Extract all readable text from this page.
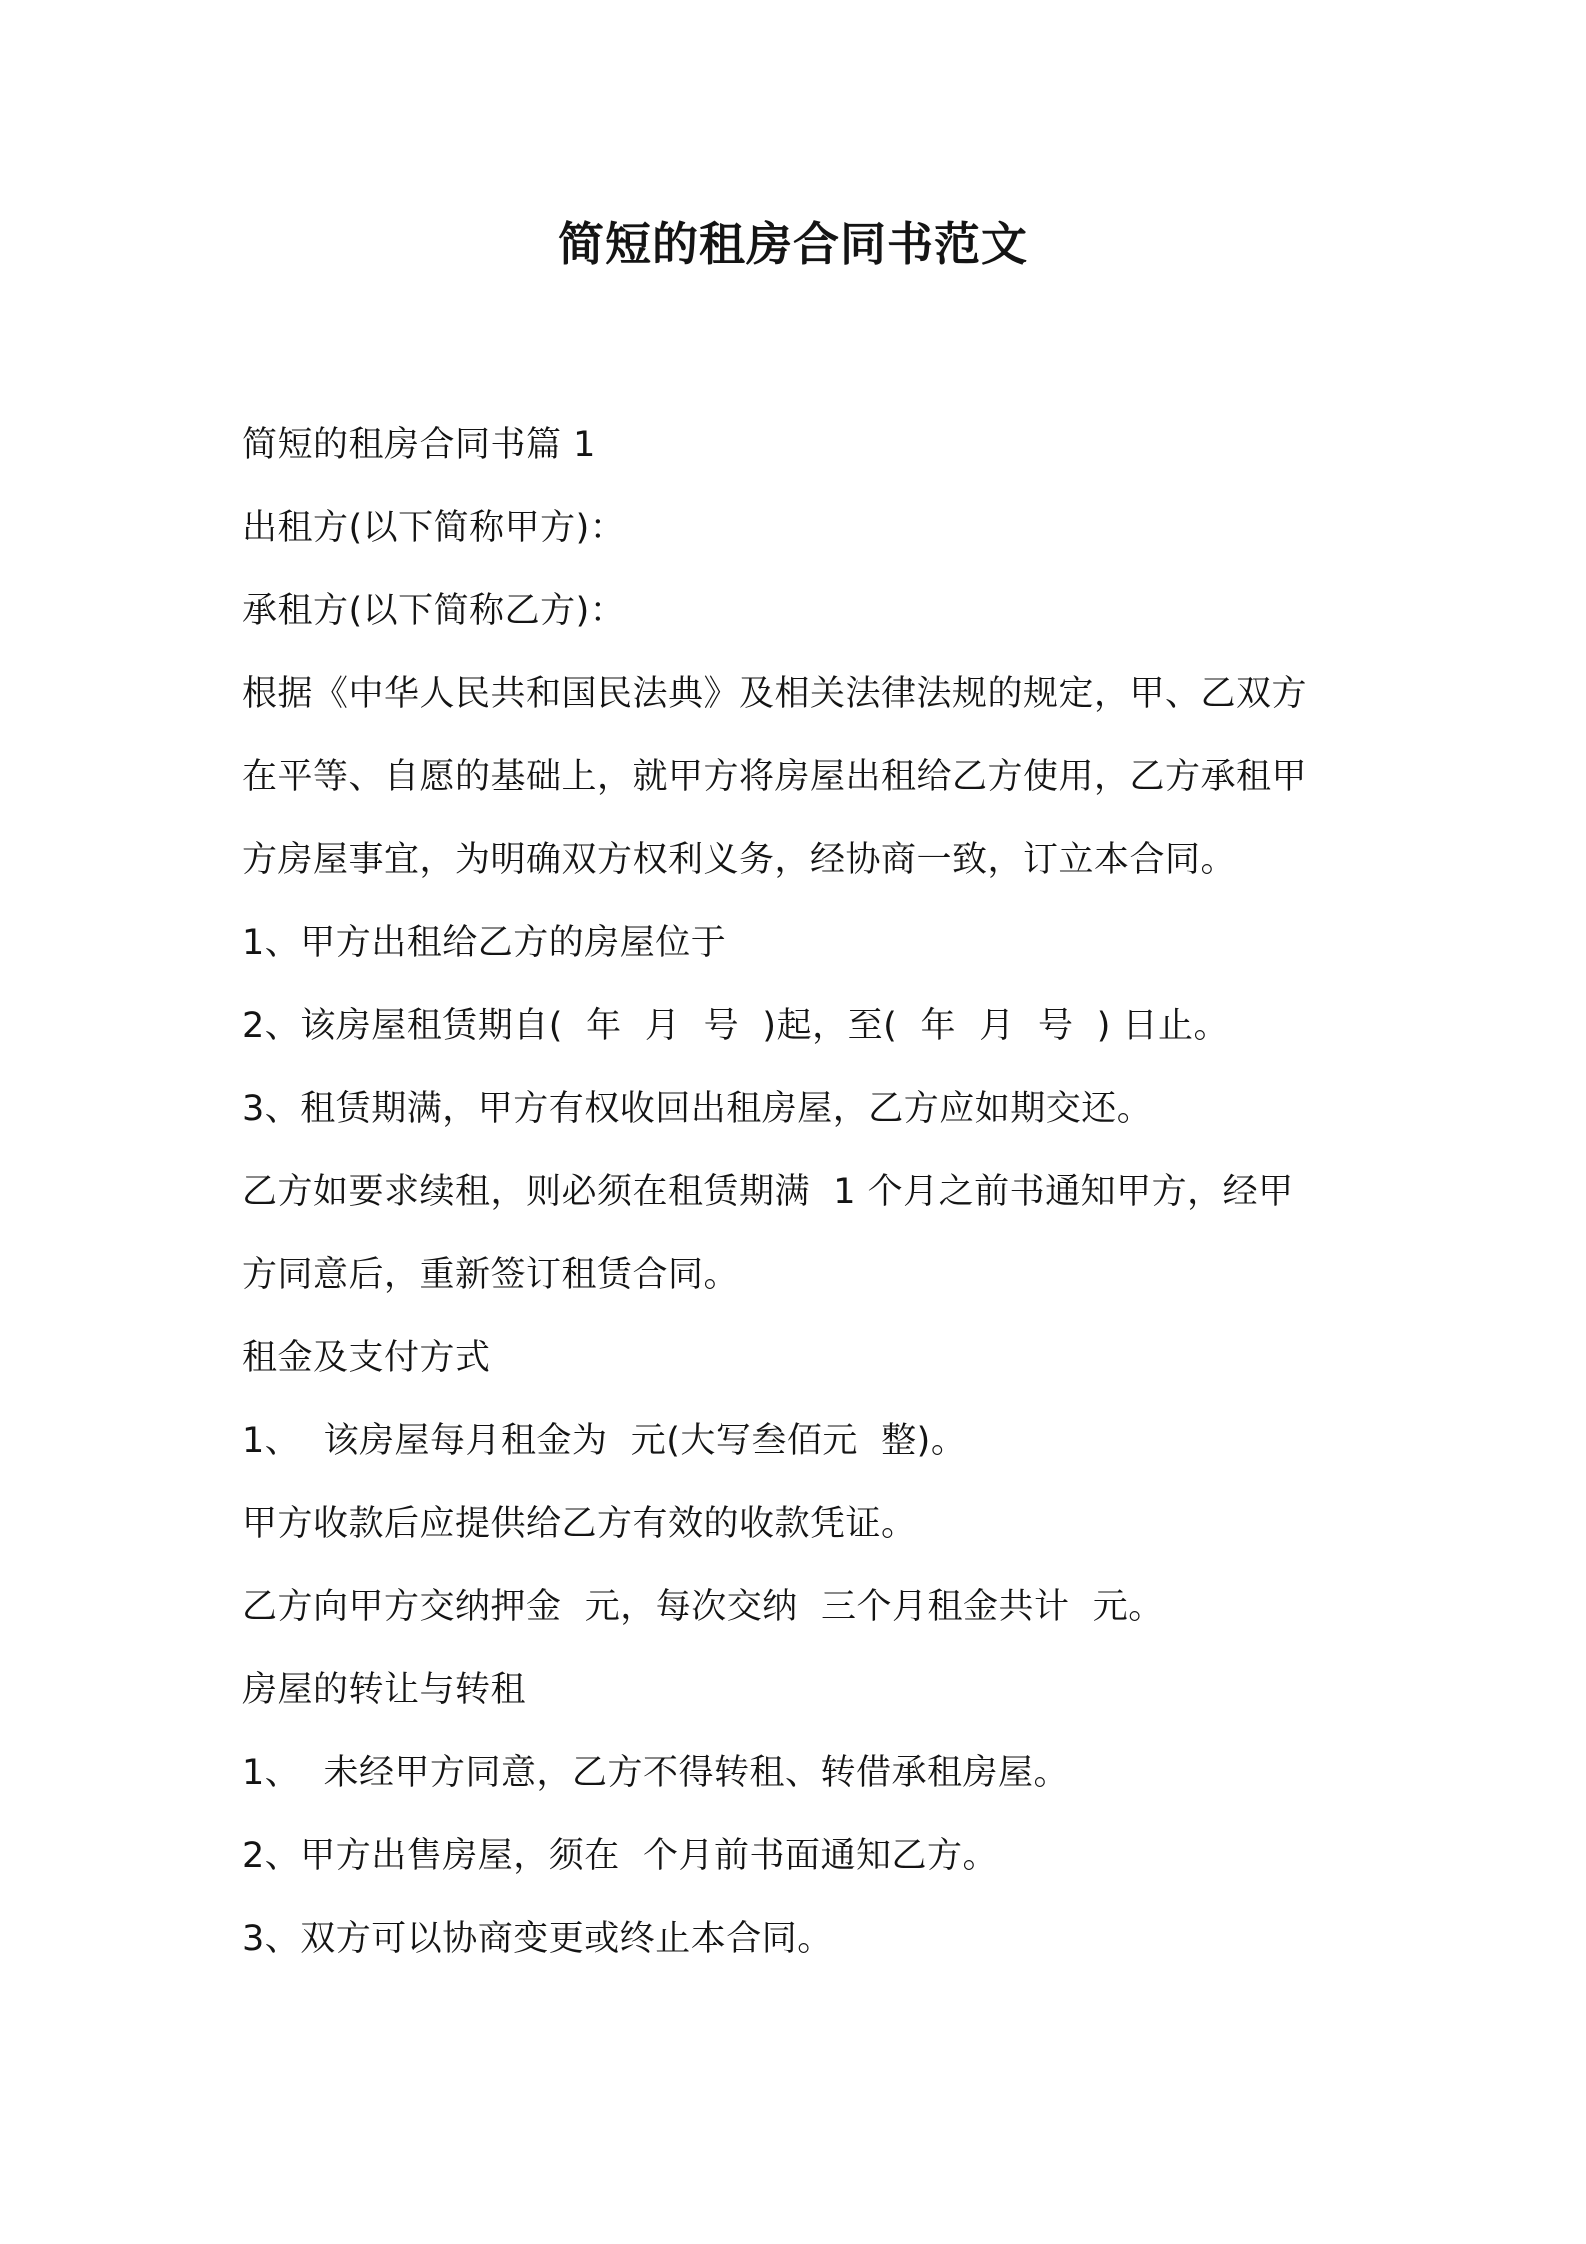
简短的租房合同书范文
简短的租房合同书篇 1
出租方(以下简称甲方)：
承租方(以下简称乙方)：
根据《中华人民共和国民法典》及相关法律法规的规定，甲、乙双方
在平等、自愿的基础上，就甲方将房屋出租给乙方使用，乙方承租甲
方房屋事宜，为明确双方权利义务，经协商一致，订立本合同。
1、甲方出租给乙方的房屋位于
2、该房屋租赁期自(  年  月  号  )起，至(  年  月  号  ) 日止。
3、租赁期满，甲方有权收回出租房屋，乙方应如期交还。
乙方如要求续租，则必须在租赁期满  1 个月之前书通知甲方，经甲
方同意后，重新签订租赁合同。
租金及支付方式
1、  该房屋每月租金为  元(大写叁佰元  整)。
甲方收款后应提供给乙方有效的收款凭证。
乙方向甲方交纳押金  元，每次交纳  三个月租金共计  元。
房屋的转让与转租
1、  未经甲方同意，乙方不得转租、转借承租房屋。
2、甲方出售房屋，须在  个月前书面通知乙方。
3、双方可以协商变更或终止本合同。
